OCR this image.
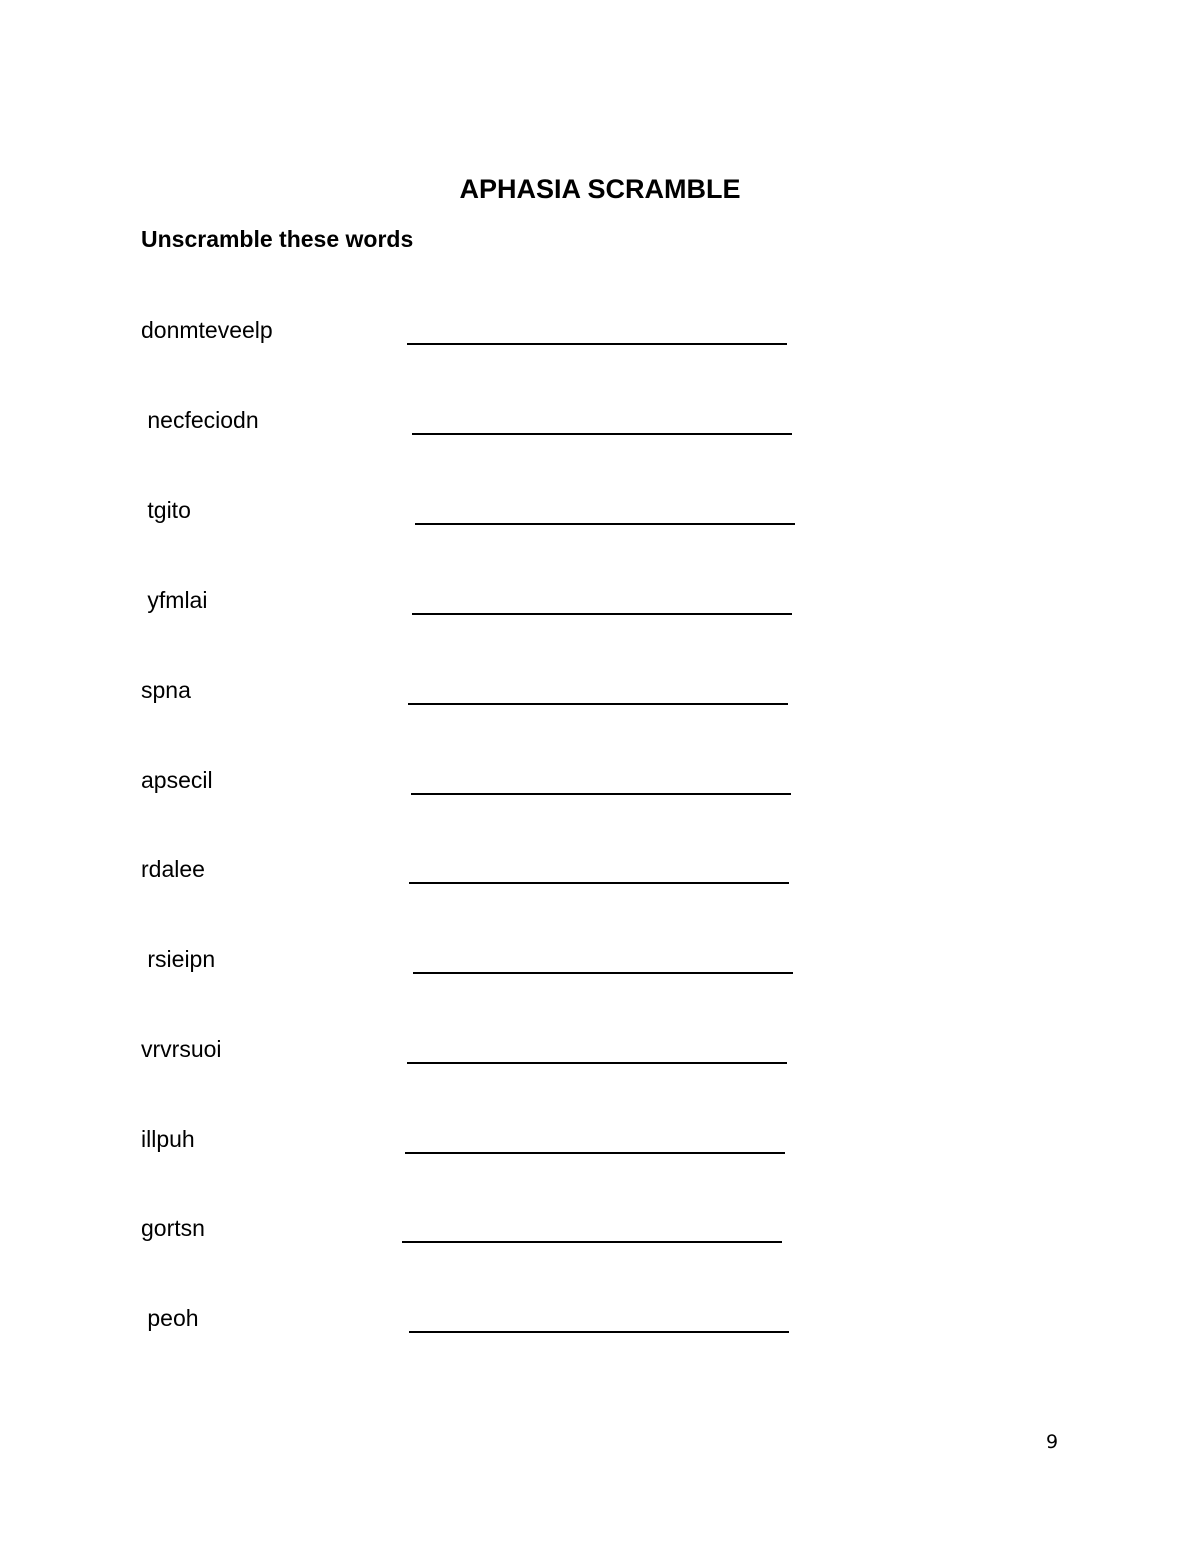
APHASIA SCRAMBLE
Unscramble these words
donmteveelp
necfeciodn
tgito
yfmlai
spna
apsecil
rdalee
rsieipn
vrvrsuoi
illpuh
gortsn
peoh
9
